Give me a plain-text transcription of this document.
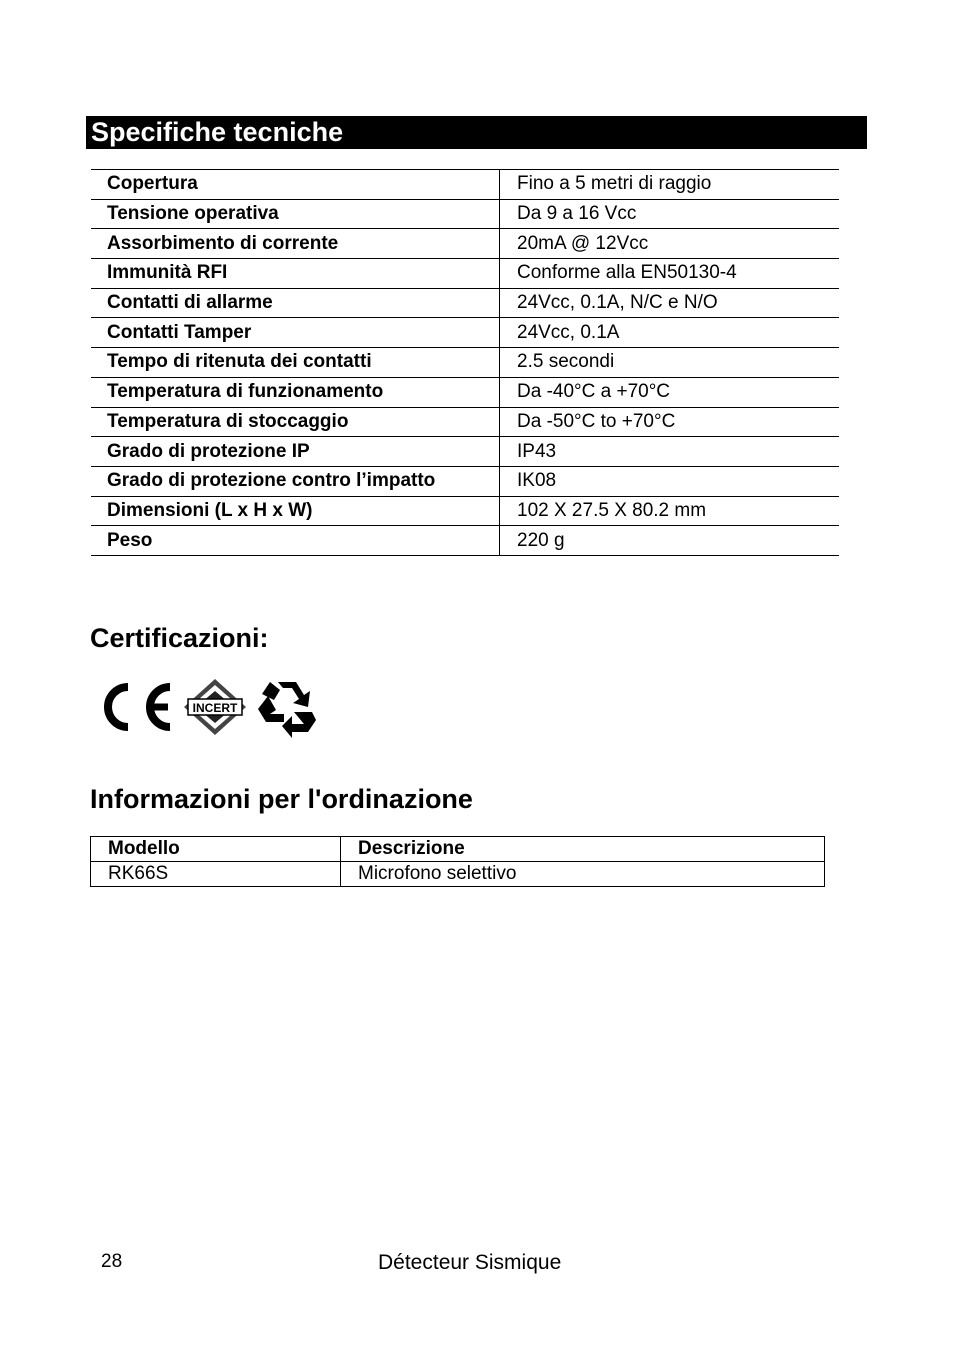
Specifiche tecniche
Copertura	Fino a 5 metri di raggio
Tensione operativa	Da 9 a 16 Vcc
Assorbimento di corrente	20mA @ 12Vcc
Immunità RFI	Conforme alla EN50130-4
Contatti di allarme	24Vcc, 0.1A, N/C e N/O
Contatti Tamper	24Vcc, 0.1A
Tempo di ritenuta dei contatti	2.5 secondi
Temperatura di funzionamento	Da -40°C a +70°C
Temperatura di stoccaggio	Da -50°C to +70°C
Grado di protezione IP	IP43
Grado di protezione contro l’impatto	IK08
Dimensioni (L x H x W)	102 X 27.5 X 80.2 mm
Peso	220 g
Certificazioni:
INCERT
Informazioni per l'ordinazione
Modello	Descrizione
RK66S	Microfono selettivo
28	Détecteur Sismique
